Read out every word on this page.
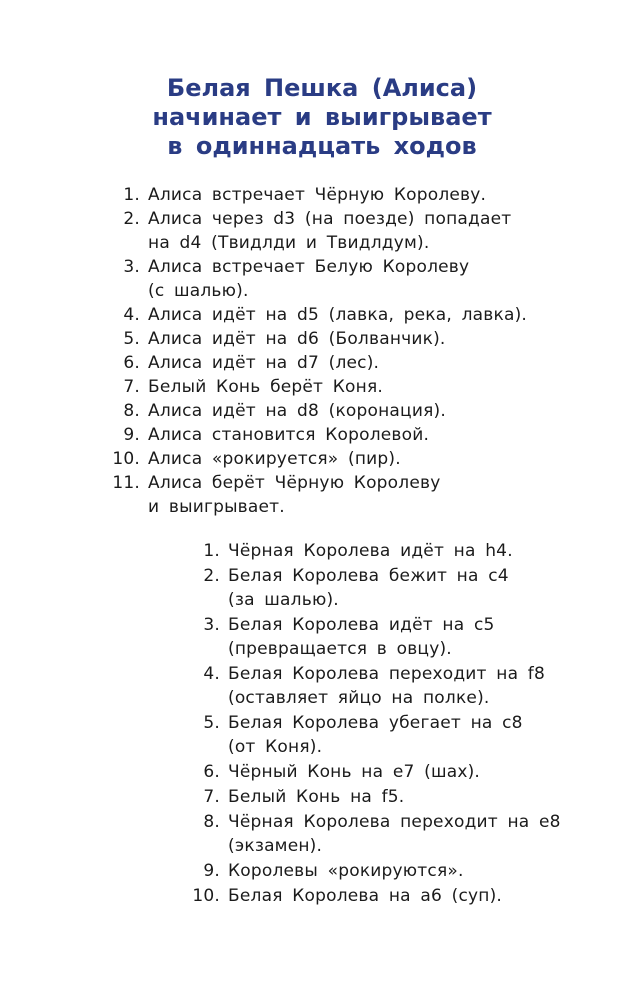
Белая Пешка (Алиса)
начинает и выигрывает
в одиннадцать ходов
1. Алиса встречает Чёрную Королеву.
2. Алиса через d3 (на поезде) попадает
на d4 (Твидлди и Твидлдум).
3. Алиса встречает Белую Королеву
(с шалью).
4. Алиса идёт на d5 (лавка, река, лавка).
5. Алиса идёт на d6 (Болванчик).
6. Алиса идёт на d7 (лес).
7. Белый Конь берёт Коня.
8. Алиса идёт на d8 (коронация).
9. Алиса становится Королевой.
10. Алиса «рокируется» (пир).
11. Алиса берёт Чёрную Королеву
и выигрывает.
1. Чёрная Королева идёт на h4.
2. Белая Королева бежит на c4
(за шалью).
3. Белая Королева идёт на c5
(превращается в овцу).
4. Белая Королева переходит на f8
(оставляет яйцо на полке).
5. Белая Королева убегает на c8
(от Коня).
6. Чёрный Конь на e7 (шах).
7. Белый Конь на f5.
8. Чёрная Королева переходит на e8
(экзамен).
9. Королевы «рокируются».
10. Белая Королева на a6 (суп).
